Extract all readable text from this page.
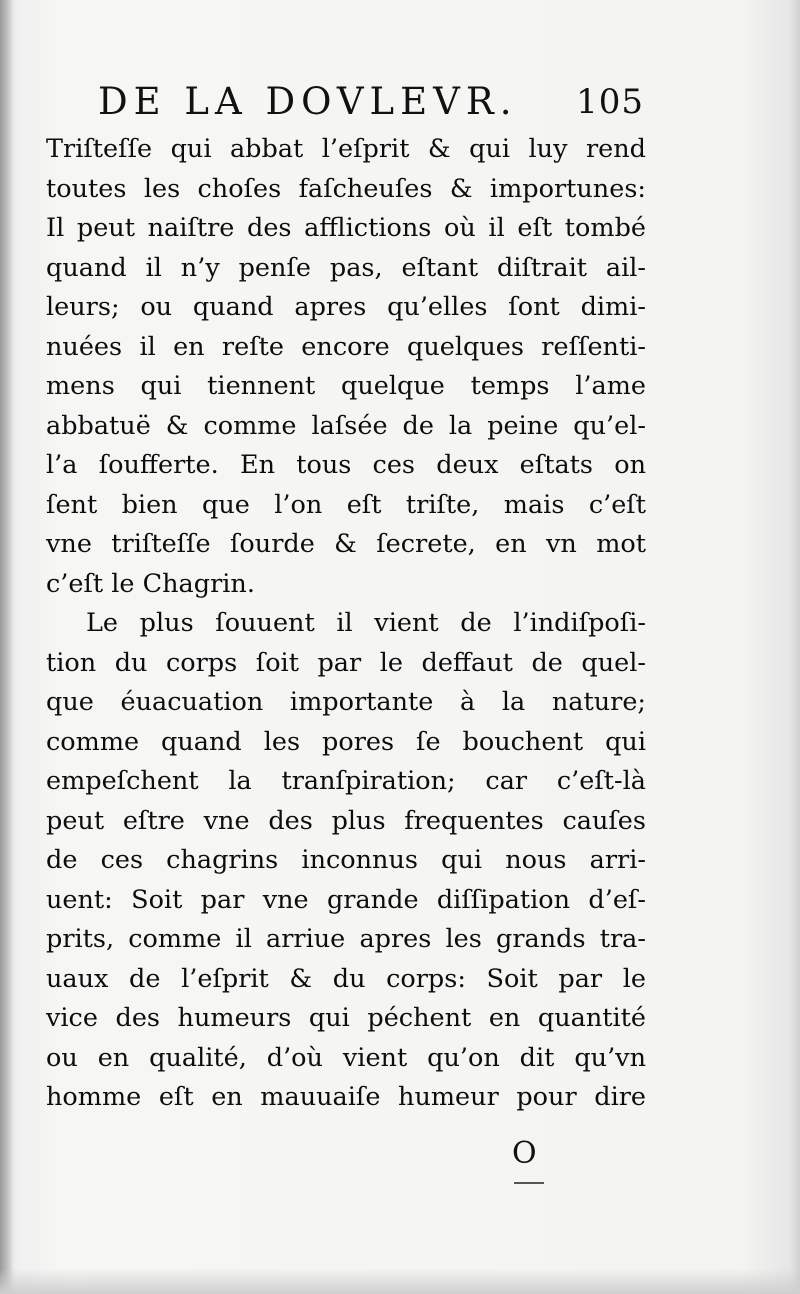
DE LA DOVLEVR. 105
Triſteſſe qui abbat l’eſprit & qui luy rend
toutes les choſes faſcheuſes & importunes:
Il peut naiſtre des afflictions où il eſt tombé
quand il n’y penſe pas, eſtant diſtrait ail-
leurs; ou quand apres qu’elles ſont dimi-
nuées il en reſte encore quelques reſſenti-
mens qui tiennent quelque temps l’ame
abbatuë & comme laſsée de la peine qu’el-
l’a ſoufferte. En tous ces deux eſtats on
ſent bien que l’on eſt triſte, mais c’eſt
vne triſteſſe ſourde & ſecrete, en vn mot
c’eſt le Chagrin.
Le plus ſouuent il vient de l’indiſpoſi-
tion du corps ſoit par le deffaut de quel-
que éuacuation importante à la nature;
comme quand les pores ſe bouchent qui
empeſchent la tranſpiration; car c’eſt-là
peut eſtre vne des plus frequentes cauſes
de ces chagrins inconnus qui nous arri-
uent: Soit par vne grande diſſipation d’eſ-
prits, comme il arriue apres les grands tra-
uaux de l’eſprit & du corps: Soit par le
vice des humeurs qui péchent en quantité
ou en qualité, d’où vient qu’on dit qu’vn
homme eſt en mauuaiſe humeur pour dire
O
